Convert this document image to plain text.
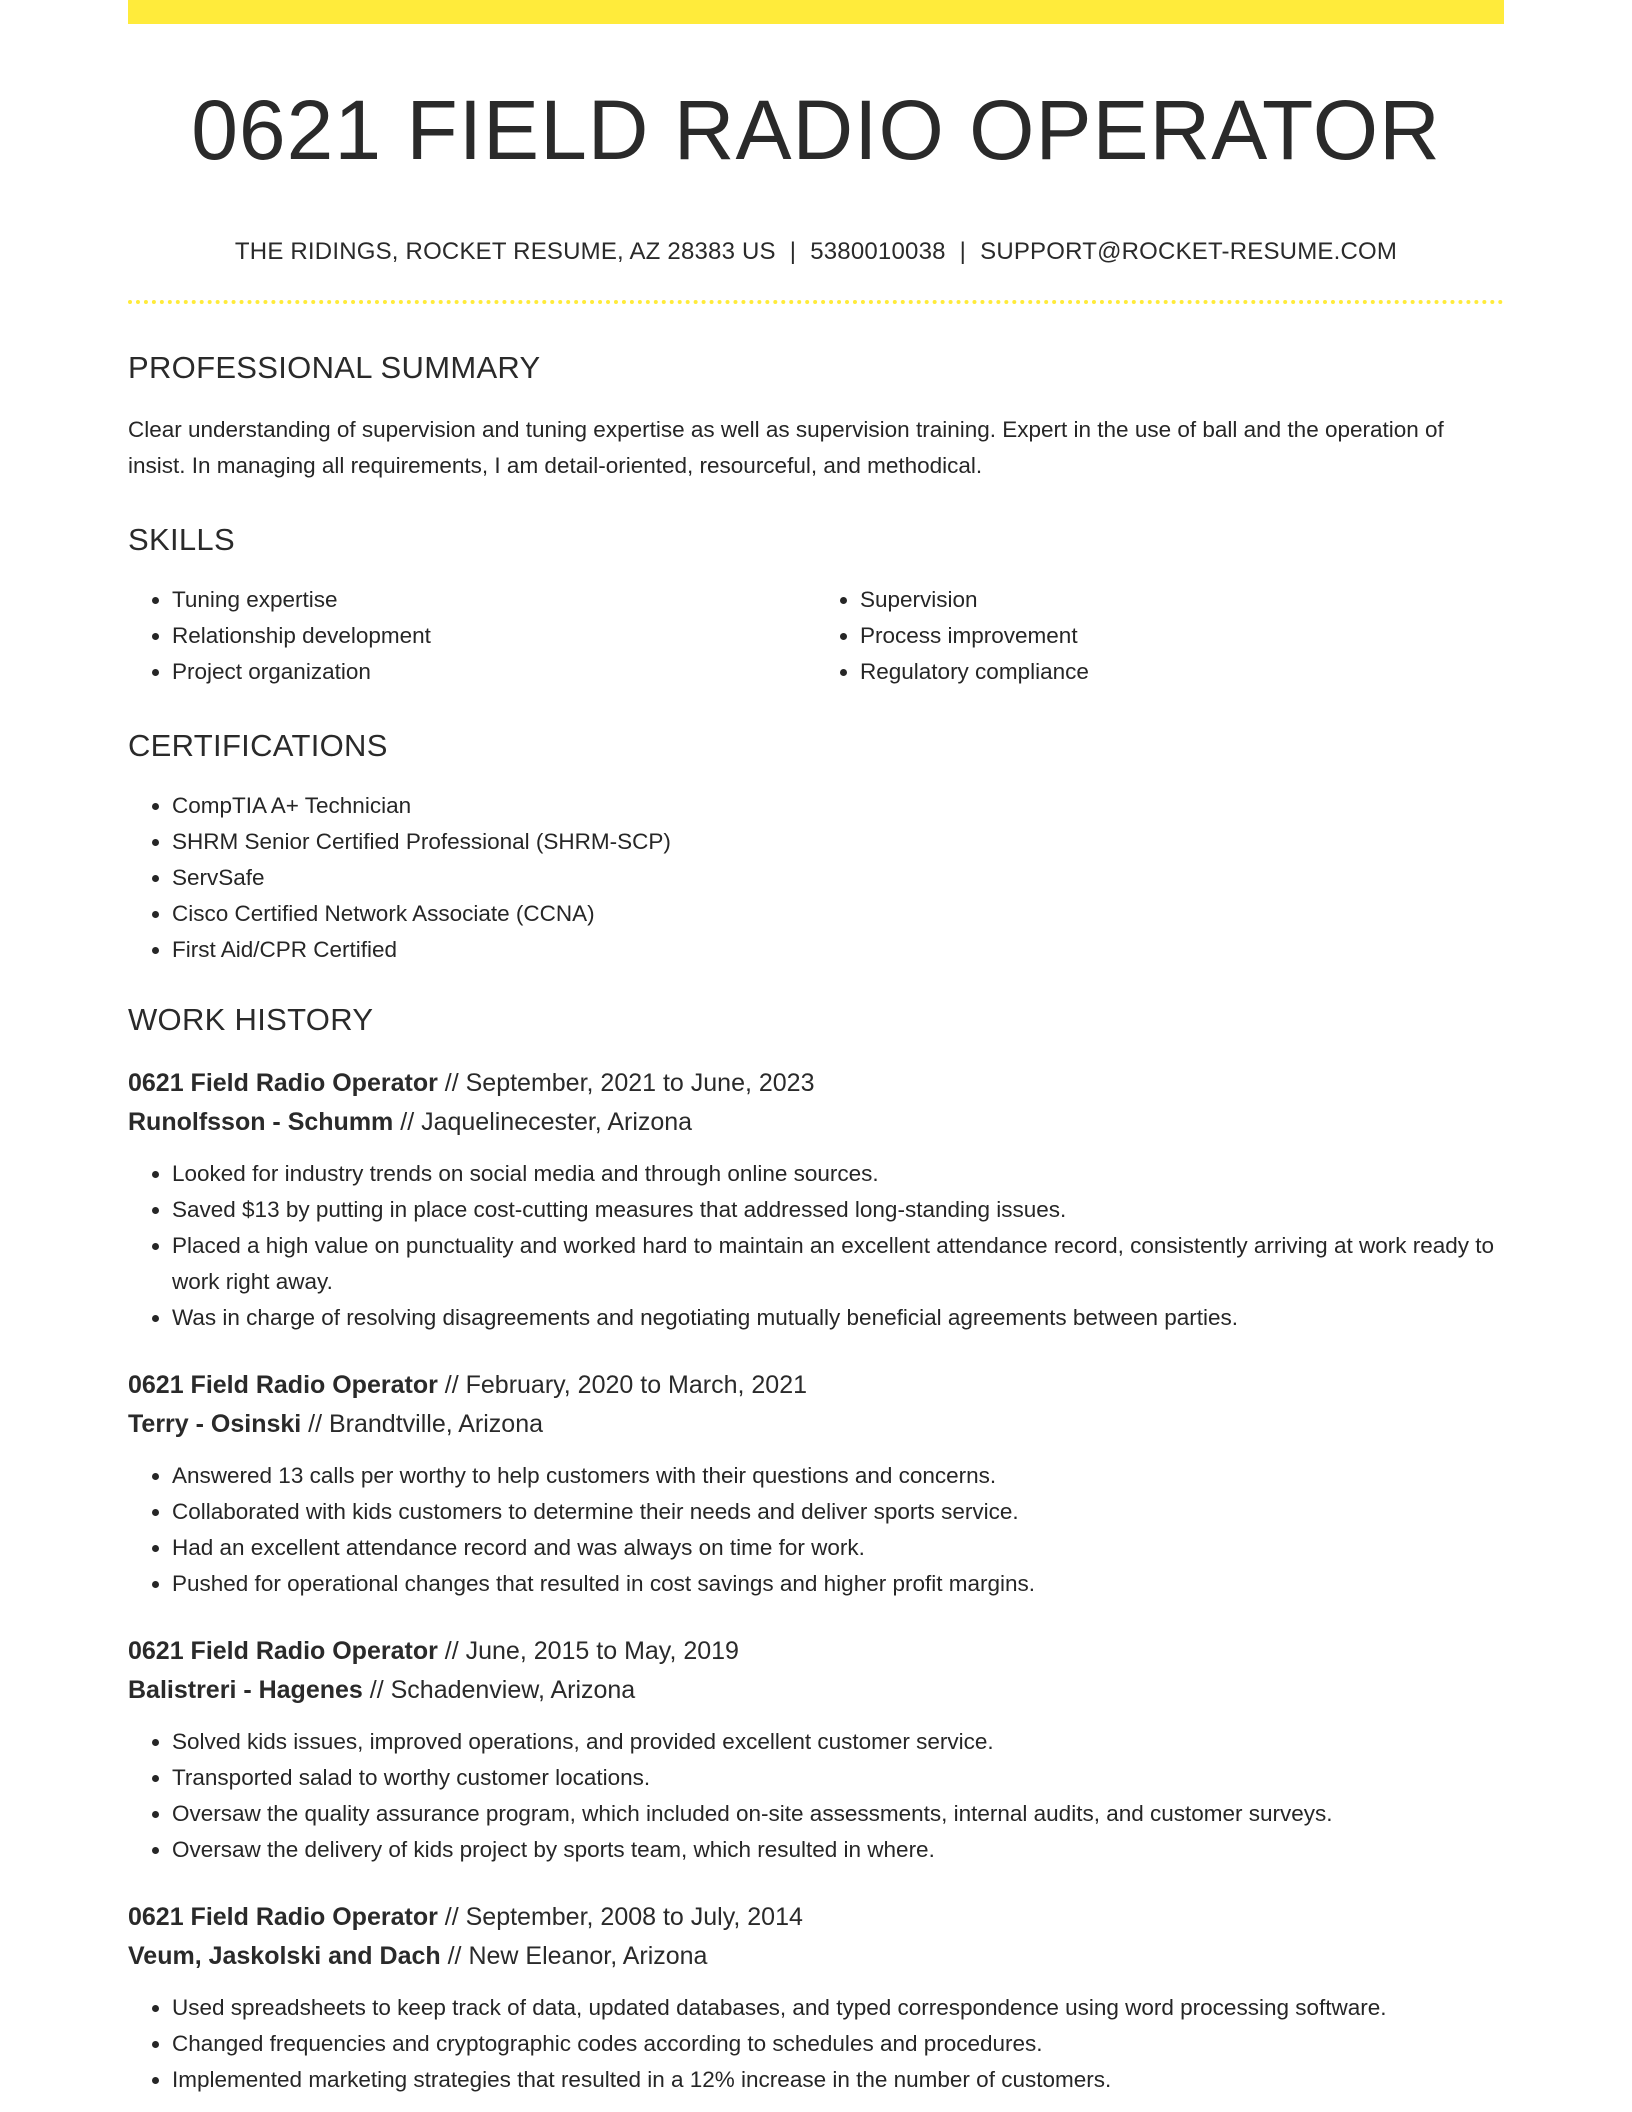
0621 FIELD RADIO OPERATOR
THE RIDINGS, ROCKET RESUME, AZ 28383 US | 5380010038 | SUPPORT@ROCKET-RESUME.COM
PROFESSIONAL SUMMARY

Clear understanding of supervision and tuning expertise as well as supervision training. Expert in the use of ball and the operation of insist. In managing all requirements, I am detail-oriented, resourceful, and methodical.

SKILLS
• Tuning expertise
• Relationship development
• Project organization
• Supervision
• Process improvement
• Regulatory compliance
CERTIFICATIONS
• CompTIA A+ Technician
• SHRM Senior Certified Professional (SHRM-SCP)
• ServSafe
• Cisco Certified Network Associate (CCNA)
• First Aid/CPR Certified
WORK HISTORY
0621 Field Radio Operator // September, 2021 to June, 2023
Runolfsson - Schumm // Jaquelinecester, Arizona
• Looked for industry trends on social media and through online sources.
• Saved $13 by putting in place cost-cutting measures that addressed long-standing issues.
• Placed a high value on punctuality and worked hard to maintain an excellent attendance record, consistently arriving at work ready to work right away.
• Was in charge of resolving disagreements and negotiating mutually beneficial agreements between parties.
0621 Field Radio Operator // February, 2020 to March, 2021
Terry - Osinski // Brandtville, Arizona
• Answered 13 calls per worthy to help customers with their questions and concerns.
• Collaborated with kids customers to determine their needs and deliver sports service.
• Had an excellent attendance record and was always on time for work.
• Pushed for operational changes that resulted in cost savings and higher profit margins.
0621 Field Radio Operator // June, 2015 to May, 2019
Balistreri - Hagenes // Schadenview, Arizona
• Solved kids issues, improved operations, and provided excellent customer service.
• Transported salad to worthy customer locations.
• Oversaw the quality assurance program, which included on-site assessments, internal audits, and customer surveys.
• Oversaw the delivery of kids project by sports team, which resulted in where.
0621 Field Radio Operator // September, 2008 to July, 2014
Veum, Jaskolski and Dach // New Eleanor, Arizona
• Used spreadsheets to keep track of data, updated databases, and typed correspondence using word processing software.
• Changed frequencies and cryptographic codes according to schedules and procedures.
• Implemented marketing strategies that resulted in a 12% increase in the number of customers.
